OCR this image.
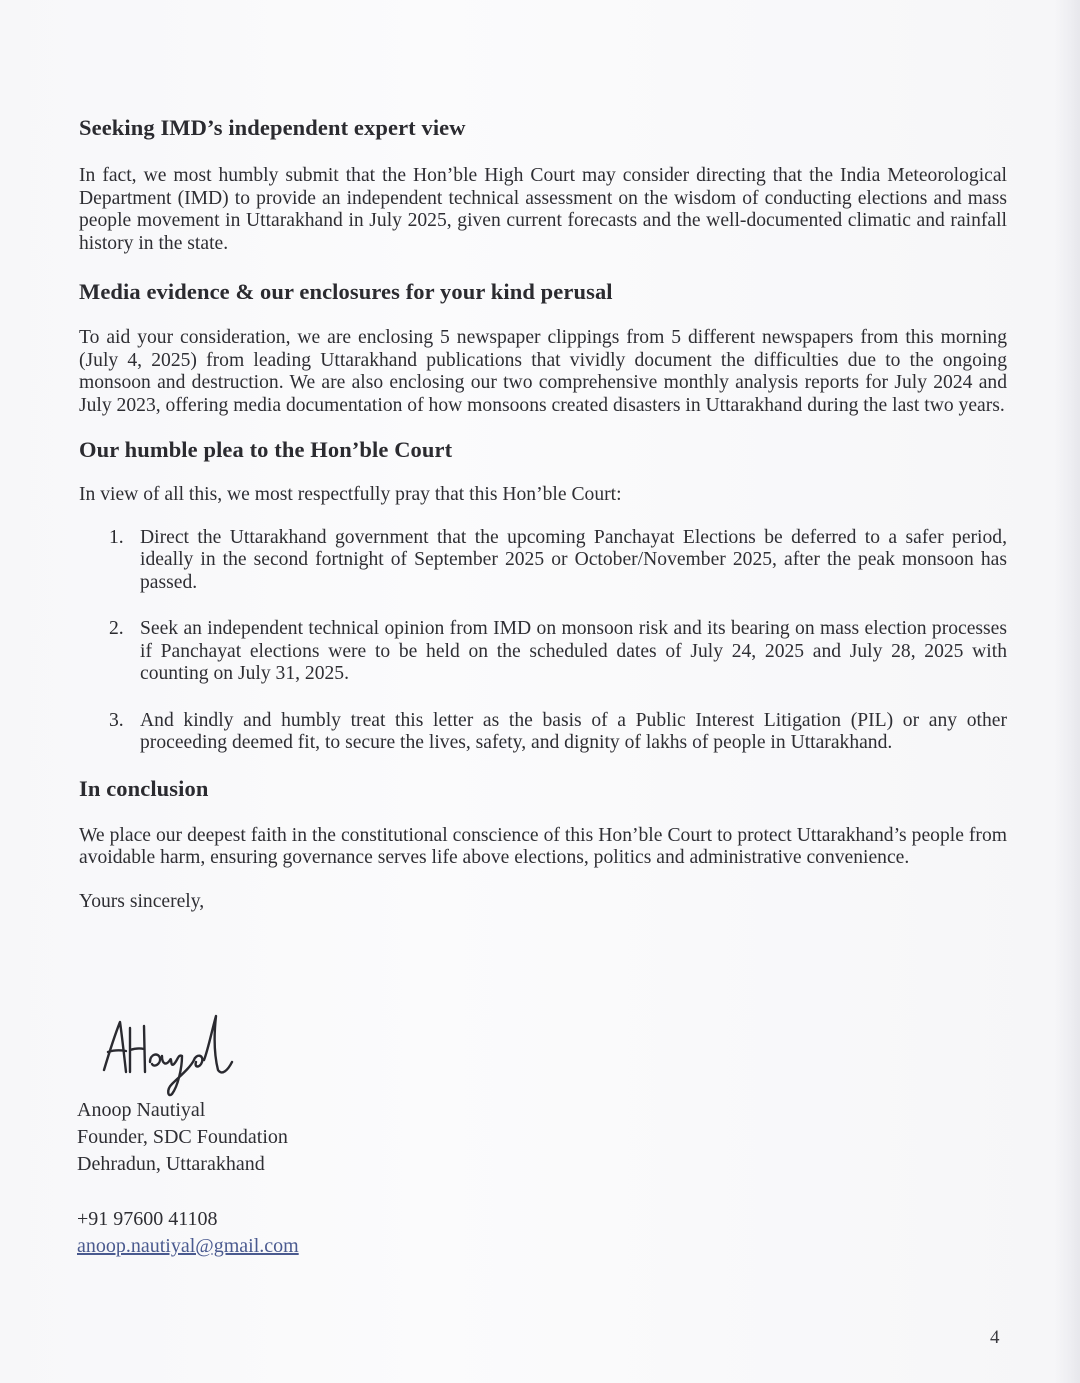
Seeking IMD’s independent expert view

In fact, we most humbly submit that the Hon’ble High Court may consider directing that the India Meteorological Department (IMD) to provide an independent technical assessment on the wisdom of conducting elections and mass people movement in Uttarakhand in July 2025, given current forecasts and the well-documented climatic and rainfall history in the state.

Media evidence & our enclosures for your kind perusal

To aid your consideration, we are enclosing 5 newspaper clippings from 5 different newspapers from this morning (July 4, 2025) from leading Uttarakhand publications that vividly document the difficulties due to the ongoing monsoon and destruction. We are also enclosing our two comprehensive monthly analysis reports for July 2024 and July 2023, offering media documentation of how monsoons created disasters in Uttarakhand during the last two years.

Our humble plea to the Hon’ble Court

In view of all this, we most respectfully pray that this Hon’ble Court:

1. Direct the Uttarakhand government that the upcoming Panchayat Elections be deferred to a safer period, ideally in the second fortnight of September 2025 or October/November 2025, after the peak monsoon has passed.
2. Seek an independent technical opinion from IMD on monsoon risk and its bearing on mass election processes if Panchayat elections were to be held on the scheduled dates of July 24, 2025 and July 28, 2025 with counting on July 31, 2025.
3. And kindly and humbly treat this letter as the basis of a Public Interest Litigation (PIL) or any other proceeding deemed fit, to secure the lives, safety, and dignity of lakhs of people in Uttarakhand.
In conclusion

We place our deepest faith in the constitutional conscience of this Hon’ble Court to protect Uttarakhand’s people from avoidable harm, ensuring governance serves life above elections, politics and administrative convenience.

Yours sincerely,

Anoop Nautiyal
Founder, SDC Foundation
Dehradun, Uttarakhand
+91 97600 41108
anoop.nautiyal@gmail.com
4
